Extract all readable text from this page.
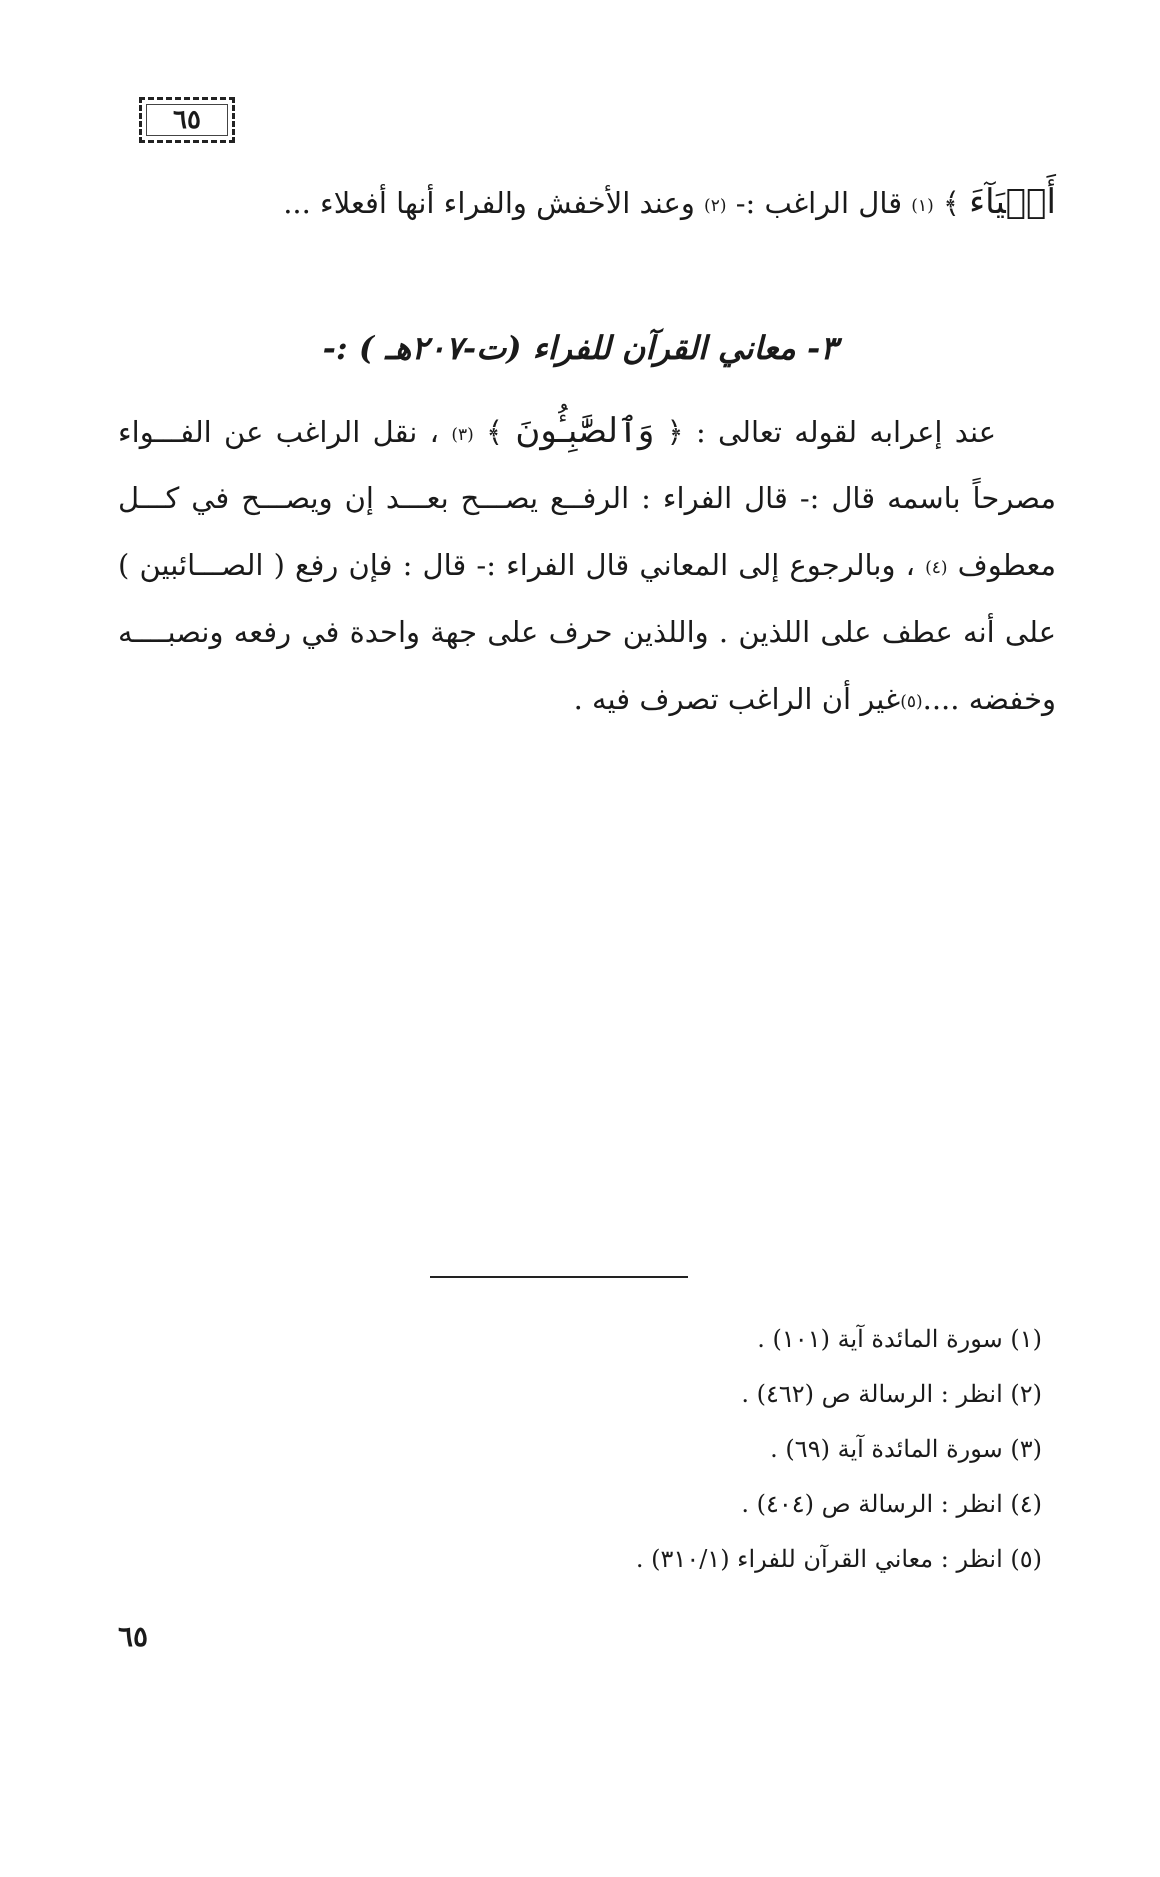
٦٥
أَشۡيَآءَ ﴾ (١) قال الراغب :- (٢) وعند الأخفش والفراء أنها أفعلاء ...
٣- معاني القرآن للفراء (ت-٢٠٧هـ ) :-
عند إعرابه لقوله تعالى : ﴿ وَٱلصَّٰبِـُٔونَ ﴾ (٣) ، نقل الراغب عن الفـــواء
مصرحاً باسمه قال :- قال الفراء : الرفــع يصـــح بعـــد إن ويصـــح في كـــل
معطوف (٤) ، وبالرجوع إلى المعاني قال الفراء :- قال : فإن رفع ( الصـــائبين )
على أنه عطف على اللذين . واللذين حرف على جهة واحدة في رفعه ونصبــــه
وخفضه ....(٥)غير أن الراغب تصرف فيه .
(١) سورة المائدة آية (١٠١) .
(٢) انظر : الرسالة ص (٤٦٢) .
(٣) سورة المائدة آية (٦٩) .
(٤) انظر : الرسالة ص (٤٠٤) .
(٥) انظر : معاني القرآن للفراء (٣١٠/١) .
٦٥
